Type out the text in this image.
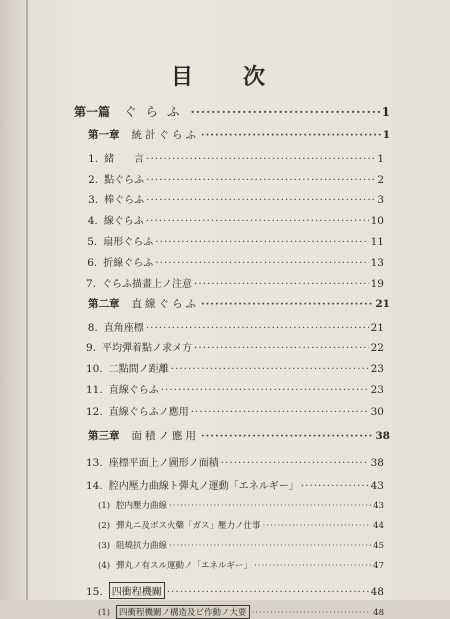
目　次
第一篇 ぐらふ ·····	1
第一章 統計ぐらふ ·····	1
1. 緒　　言 ·····	1
2. 點ぐらふ ·····	2
3. 棒ぐらふ ·····	3
4. 線ぐらふ ·····	10
5. 扇形ぐらふ ·····	11
6. 折線ぐらふ ·····	13
7. ぐらふ描畫上ノ注意 ·····	19
第二章 直線ぐらふ ·····	21
8. 直角座標 ·····	21
9. 平均彈着點ノ求メ方 ·····	22
10. 二點間ノ距離 ·····	23
11. 直線ぐらふ ·····	23
12. 直線ぐらふノ應用 ·····	30
第三章 面積ノ應用 ·····	38
13. 座標平面上ノ圖形ノ面積 ·····	38
14. 腔内壓力曲線ト彈丸ノ運動「エネルギー」 ·····	43
(1) 腔内壓力曲線 ·····	43
(2) 彈丸ニ及ボス火藥「ガス」壓力ノ仕事 ·····	44
(3) 阻燒抗力曲線 ·····	45
(4) 彈丸ノ有スル運動ノ「エネルギー」 ·····	47
15. 四衝程機關 ·····	48
(1)	四衝程機關ノ構造及ビ作動ノ大要 ·····	48
